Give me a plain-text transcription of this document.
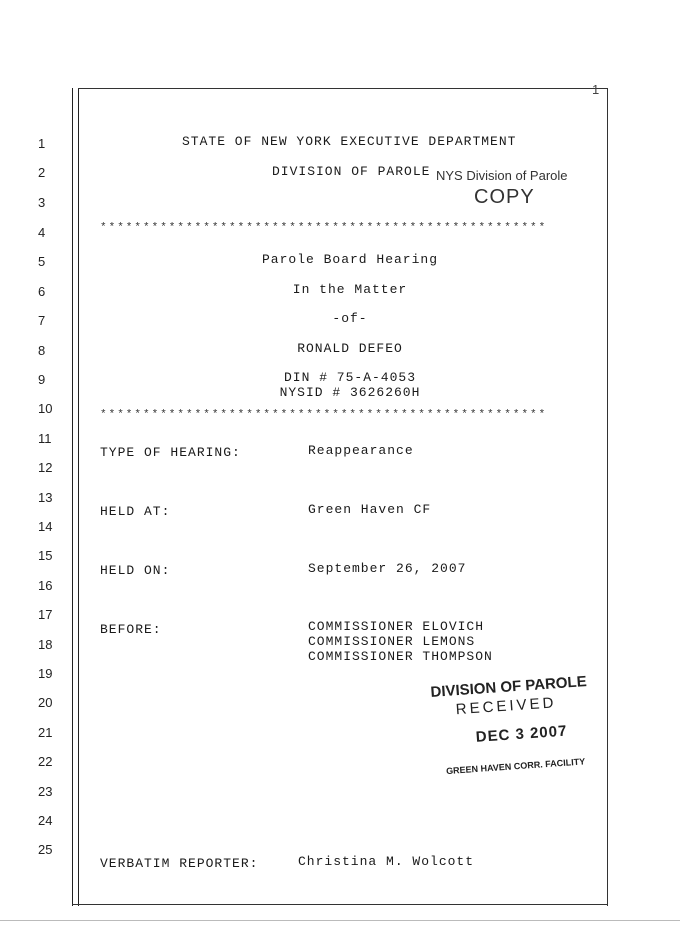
1
1
2
3
4
5
6
7
8
9
10
11
12
13
14
15
16
17
18
19
20
21
22
23
24
25
STATE OF NEW YORK EXECUTIVE DEPARTMENT
DIVISION OF PAROLE NYS Division of Parole
COPY
****************************************************
****************************************************
Parole Board Hearing
In the Matter
-of-
RONALD DEFEO
DIN # 75-A-4053
NYSID # 3626260H
TYPE OF HEARING:	Reappearance
HELD AT:	Green Haven CF
HELD ON:	September 26, 2007
BEFORE:	COMMISSIONER ELOVICH
COMMISSIONER LEMONS
COMMISSIONER THOMPSON
VERBATIM REPORTER:	Christina M. Wolcott
DIVISION OF PAROLE
RECEIVED
DEC 3 2007
GREEN HAVEN CORR. FACILITY
